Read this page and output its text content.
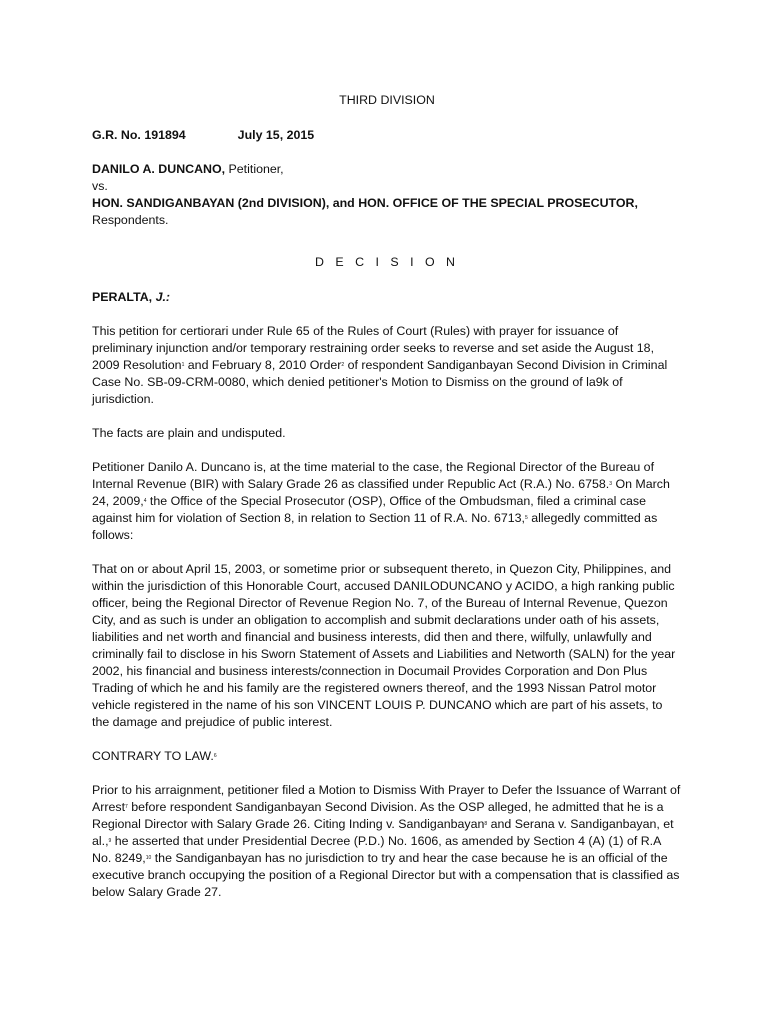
THIRD DIVISION
G.R. No. 191894	July 15, 2015

DANILO A. DUNCANO, Petitioner,

vs.

HON. SANDIGANBAYAN (2nd DIVISION), and HON. OFFICE OF THE SPECIAL PROSECUTOR, Respondents.

D E C I S I O N
PERALTA, J.:

This petition for certiorari under Rule 65 of the Rules of Court (Rules) with prayer for issuance of preliminary injunction and/or temporary restraining order seeks to reverse and set aside the August 18, 2009 Resolution$^1$ and February 8, 2010 Order$^2$ of respondent Sandiganbayan Second Division in Criminal Case No. SB-09-CRM-0080, which denied petitioner's Motion to Dismiss on the ground of la9k of jurisdiction.

The facts are plain and undisputed.

Petitioner Danilo A. Duncano is, at the time material to the case, the Regional Director of the Bureau of Internal Revenue (BIR) with Salary Grade 26 as classified under Republic Act (R.A.) No. 6758.$^3$ On March 24, 2009,$^4$ the Office of the Special Prosecutor (OSP), Office of the Ombudsman, filed a criminal case against him for violation of Section 8, in relation to Section 11 of R.A. No. 6713,$^5$ allegedly committed as follows:

That on or about April 15, 2003, or sometime prior or subsequent thereto, in Quezon City, Philippines, and within the jurisdiction of this Honorable Court, accused DANILODUNCANO y ACIDO, a high ranking public officer, being the Regional Director of Revenue Region No. 7, of the Bureau of Internal Revenue, Quezon City, and as such is under an obligation to accomplish and submit declarations under oath of his assets, liabilities and net worth and financial and business interests, did then and there, wilfully, unlawfully and criminally fail to disclose in his Sworn Statement of Assets and Liabilities and Networth (SALN) for the year 2002, his financial and business interests/connection in Documail Provides Corporation and Don Plus Trading of which he and his family are the registered owners thereof, and the 1993 Nissan Patrol motor vehicle registered in the name of his son VINCENT LOUIS P. DUNCANO which are part of his assets, to the damage and prejudice of public interest.

CONTRARY TO LAW.$^6$

Prior to his arraignment, petitioner filed a Motion to Dismiss With Prayer to Defer the Issuance of Warrant of Arrest$^7$ before respondent Sandiganbayan Second Division. As the OSP alleged, he admitted that he is a Regional Director with Salary Grade 26. Citing Inding v. Sandiganbayan$^8$ and Serana v. Sandiganbayan, et al.,$^9$ he asserted that under Presidential Decree (P.D.) No. 1606, as amended by Section 4 (A) (1) of R.A No. 8249,10 the Sandiganbayan has no jurisdiction to try and hear the case because he is an official of the executive branch occupying the position of a Regional Director but with a compensation that is classified as below Salary Grade 27.
